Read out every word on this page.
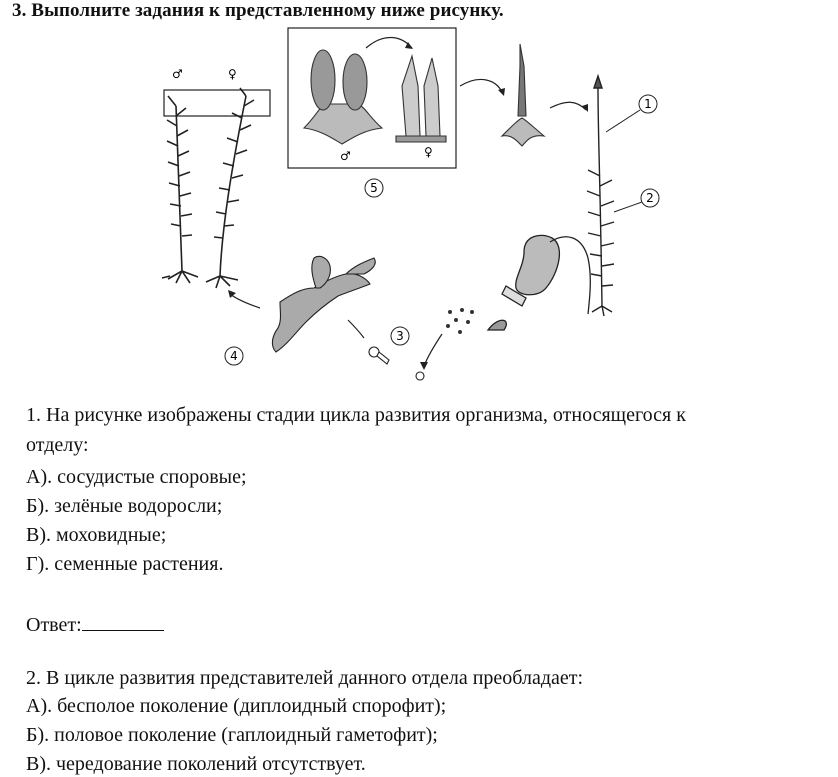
3. Выполните задания к представленному ниже рисунку.
♂	♀
♂	♀
5
1
2
3
4
1. На рисунке изображены стадии цикла развития организма, относящегося к
отделу:
А). сосудистые споровые;
Б). зелёные водоросли;
В). моховидные;
Г). семенные растения.
Ответ:
2. В цикле развития представителей данного отдела преобладает:
А). бесполое поколение (диплоидный спорофит);
Б). половое поколение (гаплоидный гаметофит);
В). чередование поколений отсутствует.
